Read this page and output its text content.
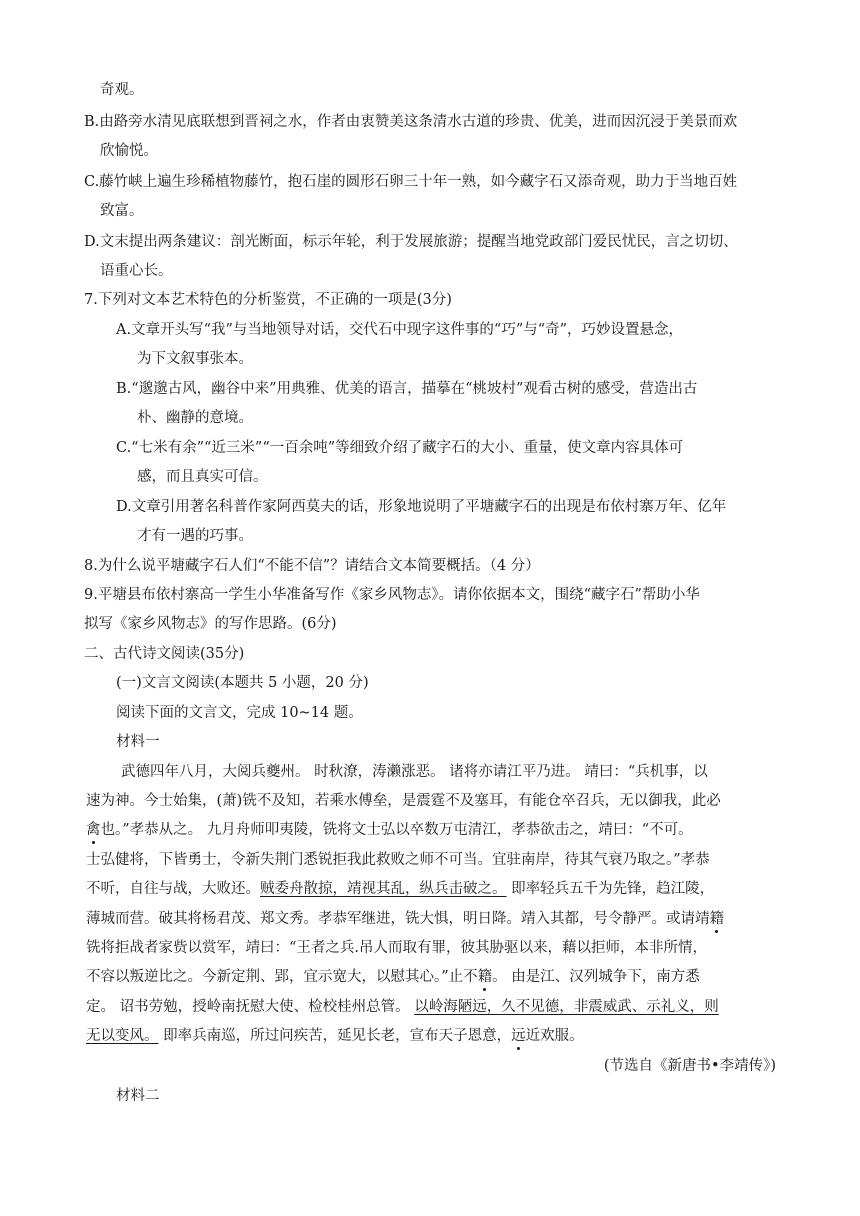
奇观。
B.由路旁水清见底联想到晋祠之水，作者由衷赞美这条清水古道的珍贵、优美，进而因沉浸于美景而欢
欣愉悦。
C.藤竹峡上遍生珍稀植物藤竹，抱石崖的圆形石卵三十年一熟，如今藏字石又添奇观，助力于当地百姓
致富。
D.文末提出两条建议：剖光断面，标示年轮，利于发展旅游；提醒当地党政部门爱民忧民，言之切切、
语重心长。
7.下列对文本艺术特色的分析鉴赏，不正确的一项是(3分)
A.文章开头写“我”与当地领导对话，交代石中现字这件事的“巧”与“奇”，巧妙设置悬念，
为下文叙事张本。
B.“邈邈古风，幽谷中来”用典雅、优美的语言，描摹在“桃坡村”观看古树的感受，营造出古
朴、幽静的意境。
C.“七米有余”“近三米”“一百余吨”等细致介绍了藏字石的大小、重量，使文章内容具体可
感，而且真实可信。
D.文章引用著名科普作家阿西莫夫的话，形象地说明了平塘藏字石的出现是布依村寨万年、亿年
才有一遇的巧事。
8.为什么说平塘藏字石人们“不能不信”？请结合文本简要概括。（4 分）
9.平塘县布依村寨高一学生小华准备写作《家乡风物志》。请你依据本文，围绕“藏字石”帮助小华
拟写《家乡风物志》的写作思路。(6分)
二、古代诗文阅读(35分)
(一)文言文阅读(本题共 5 小题，20 分)
阅读下面的文言文，完成 10~14 题。
材料一
武德四年八月，大阅兵夔州。 时秋潦，涛濑涨恶。 诸将亦请江平乃进。 靖曰：“兵机事，以
速为神。今士始集，(萧)铣不及知，若乘水傅垒，是震霆不及塞耳，有能仓卒召兵，无以御我，此必
禽也。”孝恭从之。 九月舟师叩夷陵，铣将文士弘以卒数万屯清江，孝恭欲击之，靖曰：“不可。
士弘健将，下皆勇士，令新失荆门悉锐拒我此救败之师不可当。宜驻南岸，待其气衰乃取之。”孝恭
不听，自往与战，大败还。贼委舟散掠，靖视其乱，纵兵击破之。 即率轻兵五千为先锋，趋江陵，
薄城而营。破其将杨君茂、郑文秀。孝恭军继进，铣大惧，明日降。靖入其都，号令静严。或请靖籍
铣将拒战者家赀以赏军，靖曰：“王者之兵.吊人而取有罪，彼其胁驱以来，藉以拒师，本非所情，
不容以叛逆比之。今新定荆、郢，宜示宽大，以慰其心。”止不籍。 由是江、汉列城争下，南方悉
定。 诏书劳勉，授岭南抚慰大使、检校桂州总管。 以岭海陋远，久不见德，非震威武、示礼义，则
无以变风。 即率兵南巡，所过问疾苦，延见长老，宣布天子恩意，远近欢服。
(节选自《新唐书•李靖传》)
材料二
